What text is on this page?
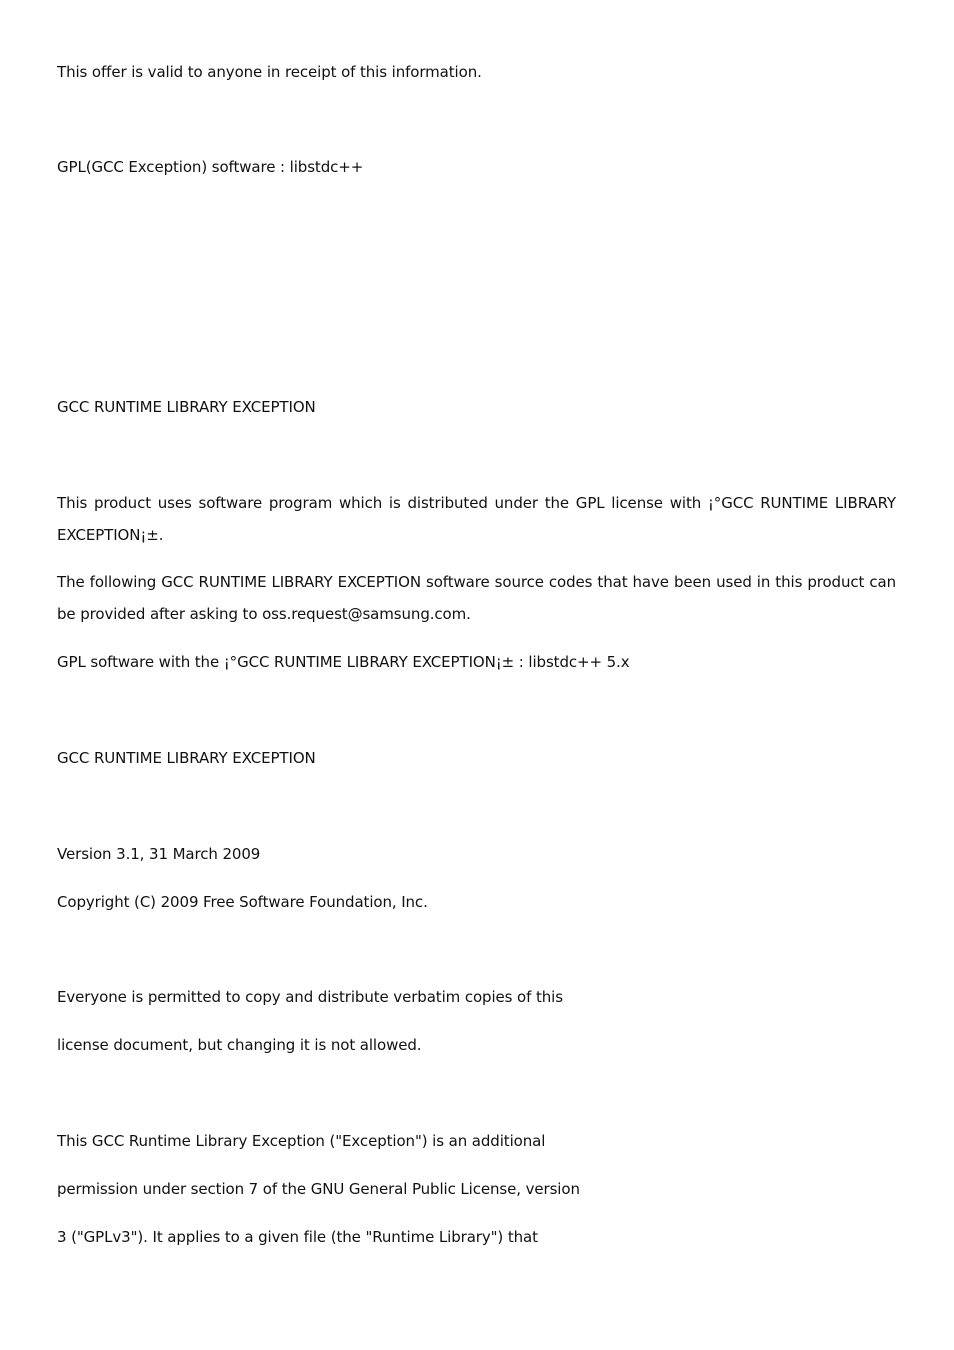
This offer is valid to anyone in receipt of this information.
GPL(GCC Exception) software : libstdc++
GCC RUNTIME LIBRARY EXCEPTION
This product uses software program which is distributed under the GPL license with ¡°GCC RUNTIME LIBRARY EXCEPTION¡±.
The following GCC RUNTIME LIBRARY EXCEPTION software source codes that have been used in this product can be provided after asking to oss.request@samsung.com.
GPL software with the ¡°GCC RUNTIME LIBRARY EXCEPTION¡± : libstdc++ 5.x
GCC RUNTIME LIBRARY EXCEPTION
Version 3.1, 31 March 2009
Copyright (C) 2009 Free Software Foundation, Inc.
Everyone is permitted to copy and distribute verbatim copies of this
license document, but changing it is not allowed.
This GCC Runtime Library Exception ("Exception") is an additional
permission under section 7 of the GNU General Public License, version
3 ("GPLv3"). It applies to a given file (the "Runtime Library") that
